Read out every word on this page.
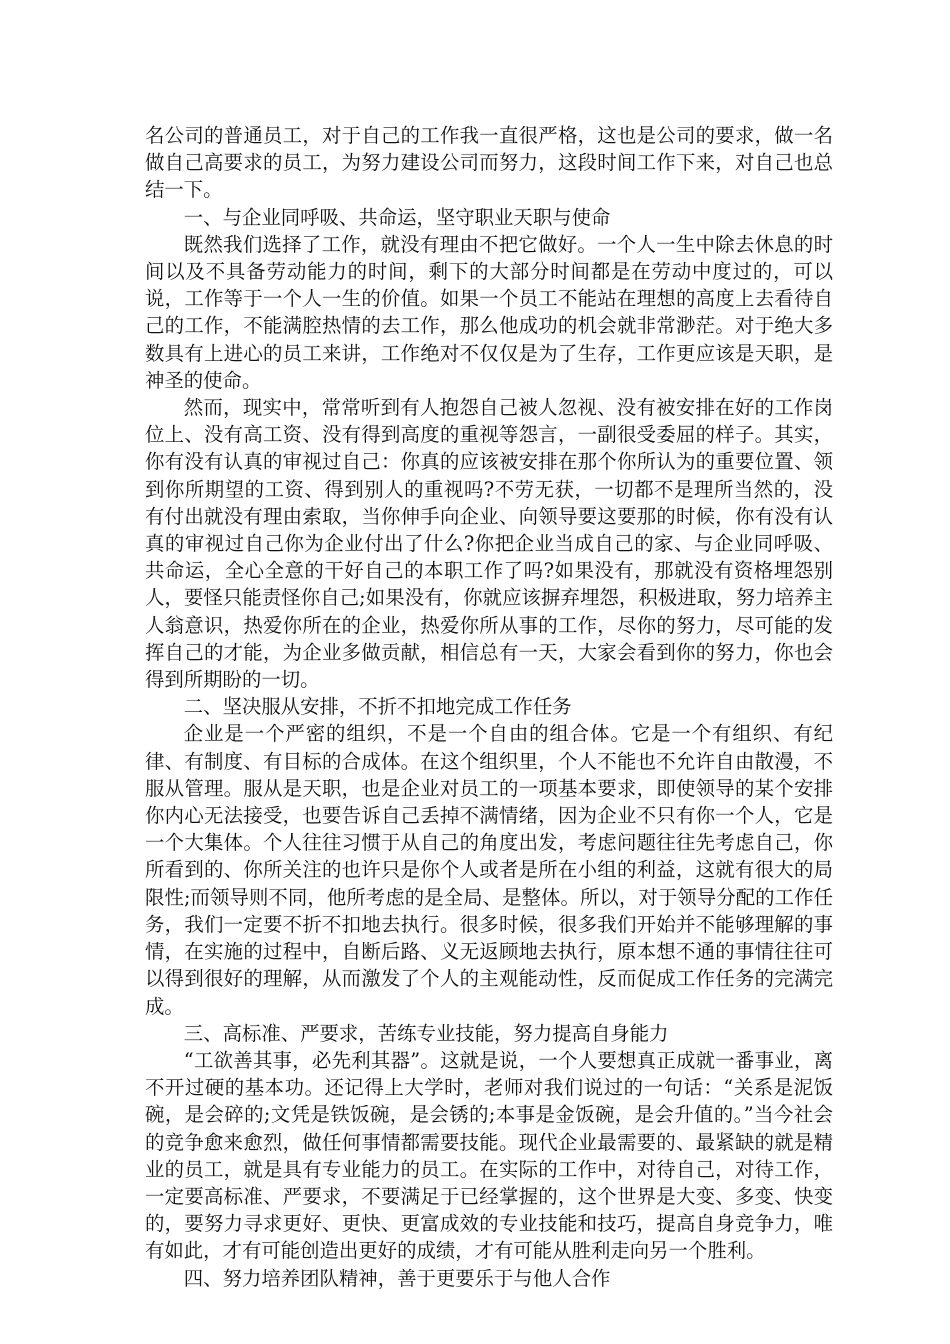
名公司的普通员工，对于自己的工作我一直很严格，这也是公司的要求，做一名做自己高要求的员工，为努力建设公司而努力，这段时间工作下来，对自己也总结一下。

一、与企业同呼吸、共命运，坚守职业天职与使命

既然我们选择了工作，就没有理由不把它做好。一个人一生中除去休息的时间以及不具备劳动能力的时间，剩下的大部分时间都是在劳动中度过的，可以说，工作等于一个人一生的价值。如果一个员工不能站在理想的高度上去看待自己的工作，不能满腔热情的去工作，那么他成功的机会就非常渺茫。对于绝大多数具有上进心的员工来讲，工作绝对不仅仅是为了生存，工作更应该是天职，是神圣的使命。

然而，现实中，常常听到有人抱怨自己被人忽视、没有被安排在好的工作岗位上、没有高工资、没有得到高度的重视等怨言，一副很受委屈的样子。其实，你有没有认真的审视过自己：你真的应该被安排在那个你所认为的重要位置、领到你所期望的工资、得到别人的重视吗?不劳无获，一切都不是理所当然的，没有付出就没有理由索取，当你伸手向企业、向领导要这要那的时候，你有没有认真的审视过自己你为企业付出了什么?你把企业当成自己的家、与企业同呼吸、共命运，全心全意的干好自己的本职工作了吗?如果没有，那就没有资格埋怨别人，要怪只能责怪你自己;如果没有，你就应该摒弃埋怨，积极进取，努力培养主人翁意识，热爱你所在的企业，热爱你所从事的工作，尽你的努力，尽可能的发挥自己的才能，为企业多做贡献，相信总有一天，大家会看到你的努力，你也会得到所期盼的一切。

二、坚决服从安排，不折不扣地完成工作任务

企业是一个严密的组织，不是一个自由的组合体。它是一个有组织、有纪律、有制度、有目标的合成体。在这个组织里，个人不能也不允许自由散漫，不服从管理。服从是天职，也是企业对员工的一项基本要求，即使领导的某个安排你内心无法接受，也要告诉自己丢掉不满情绪，因为企业不只有你一个人，它是一个大集体。个人往往习惯于从自己的角度出发，考虑问题往往先考虑自己，你所看到的、你所关注的也许只是你个人或者是所在小组的利益，这就有很大的局限性;而领导则不同，他所考虑的是全局、是整体。所以，对于领导分配的工作任务，我们一定要不折不扣地去执行。很多时候，很多我们开始并不能够理解的事情，在实施的过程中，自断后路、义无返顾地去执行，原本想不通的事情往往可以得到很好的理解，从而激发了个人的主观能动性，反而促成工作任务的完满完成。

三、高标准、严要求，苦练专业技能，努力提高自身能力

“工欲善其事，必先利其器”。这就是说，一个人要想真正成就一番事业，离不开过硬的基本功。还记得上大学时，老师对我们说过的一句话：“关系是泥饭碗，是会碎的;文凭是铁饭碗，是会锈的;本事是金饭碗，是会升值的。”当今社会的竞争愈来愈烈，做任何事情都需要技能。现代企业最需要的、最紧缺的就是精业的员工，就是具有专业能力的员工。在实际的工作中，对待自己，对待工作，一定要高标准、严要求，不要满足于已经掌握的，这个世界是大变、多变、快变的，要努力寻求更好、更快、更富成效的专业技能和技巧，提高自身竞争力，唯有如此，才有可能创造出更好的成绩，才有可能从胜利走向另一个胜利。

四、努力培养团队精神，善于更要乐于与他人合作
